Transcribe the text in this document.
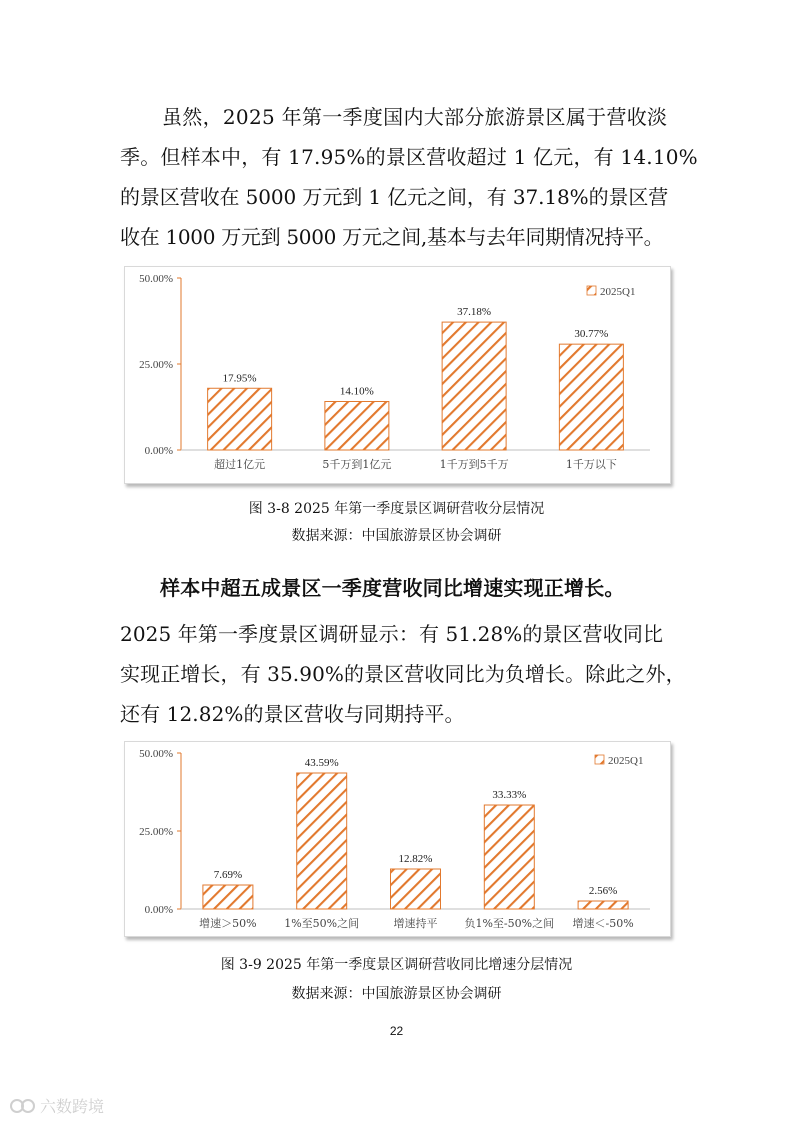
虽然，2025 年第一季度国内大部分旅游景区属于营收淡
季。但样本中，有 17.95%的景区营收超过 1 亿元，有 14.10%
的景区营收在 5000 万元到 1 亿元之间，有 37.18%的景区营
收在 1000 万元到 5000 万元之间,基本与去年同期情况持平。

0.00%
25.00%
50.00%
17.95%
超过1亿元
14.10%
5千万到1亿元
37.18%
1千万到5千万
30.77%
1千万以下
2025Q1

图 3-8 2025 年第一季度景区调研营收分层情况

数据来源：中国旅游景区协会调研

样本中超五成景区一季度营收同比增速实现正增长。

2025 年第一季度景区调研显示：有 51.28%的景区营收同比
实现正增长，有 35.90%的景区营收同比为负增长。除此之外，
还有 12.82%的景区营收与同期持平。

0.00%
25.00%
50.00%
7.69%
增速＞50%
43.59%
1%至50%之间
12.82%
增速持平
33.33%
负1%至-50%之间
2.56%
增速＜-50%
2025Q1

图 3-9 2025 年第一季度景区调研营收同比增速分层情况

数据来源：中国旅游景区协会调研

22
六数跨境
